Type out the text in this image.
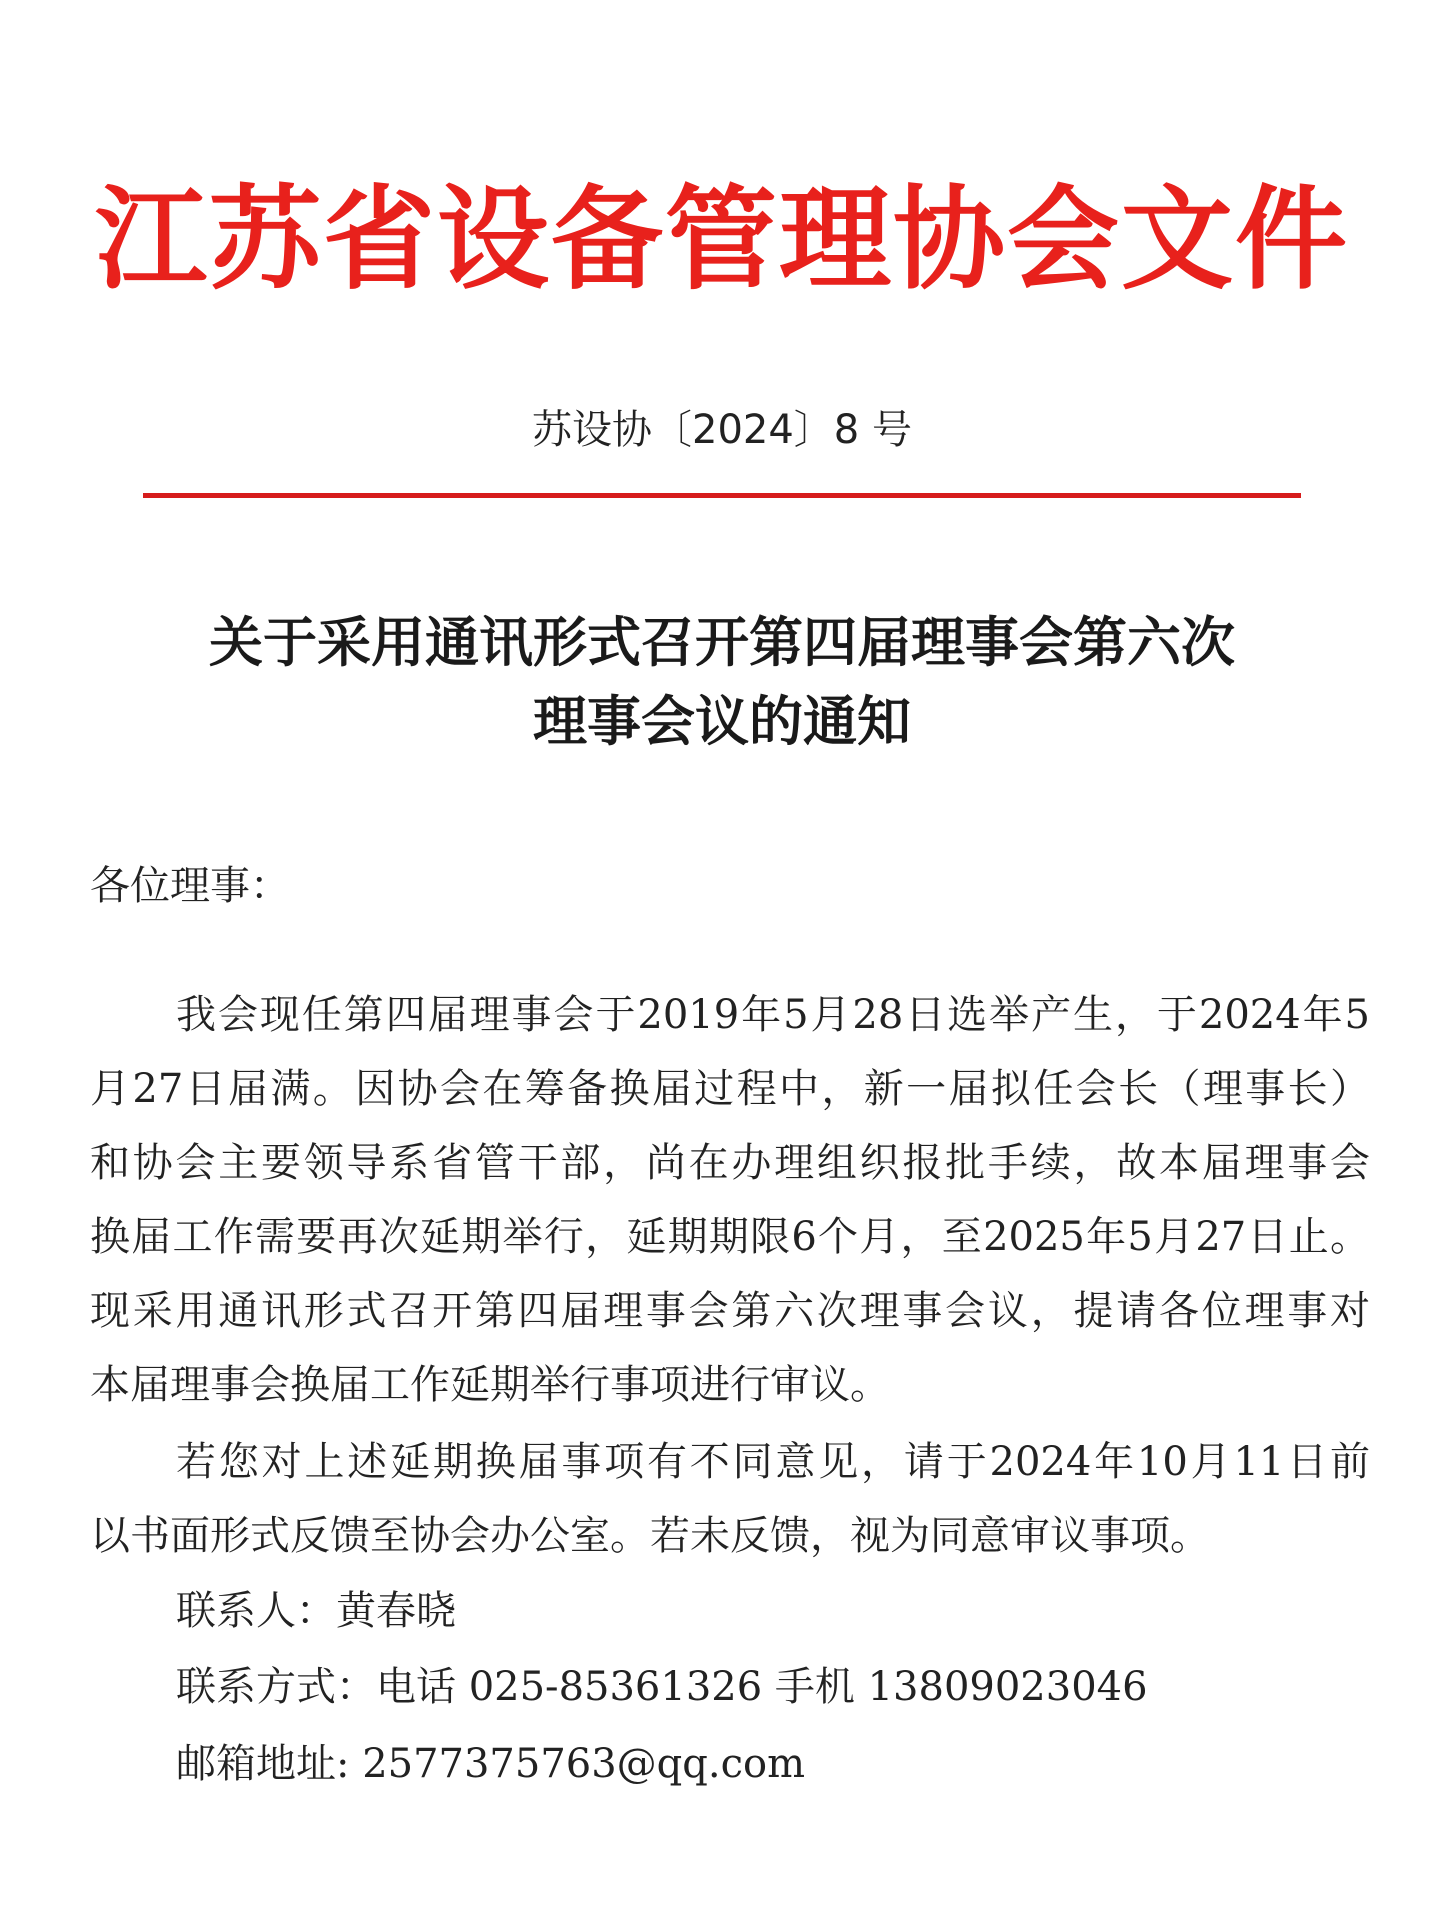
江苏省设备管理协会文件
苏设协〔2024〕8 号
关于采用通讯形式召开第四届理事会第六次
理事会议的通知
各位理事：
我会现任第四届理事会于2019年5月28日选举产生，于2024年5
月27日届满。因协会在筹备换届过程中，新一届拟任会长（理事长）
和协会主要领导系省管干部，尚在办理组织报批手续，故本届理事会
换届工作需要再次延期举行，延期期限6个月，至2025年5月27日止。
现采用通讯形式召开第四届理事会第六次理事会议，提请各位理事对
本届理事会换届工作延期举行事项进行审议。
若您对上述延期换届事项有不同意见，请于2024年10月11日前
以书面形式反馈至协会办公室。若未反馈，视为同意审议事项。
联系人：黄春晓
联系方式：电话 025-85361326 手机 13809023046
邮箱地址: 2577375763@qq.com
